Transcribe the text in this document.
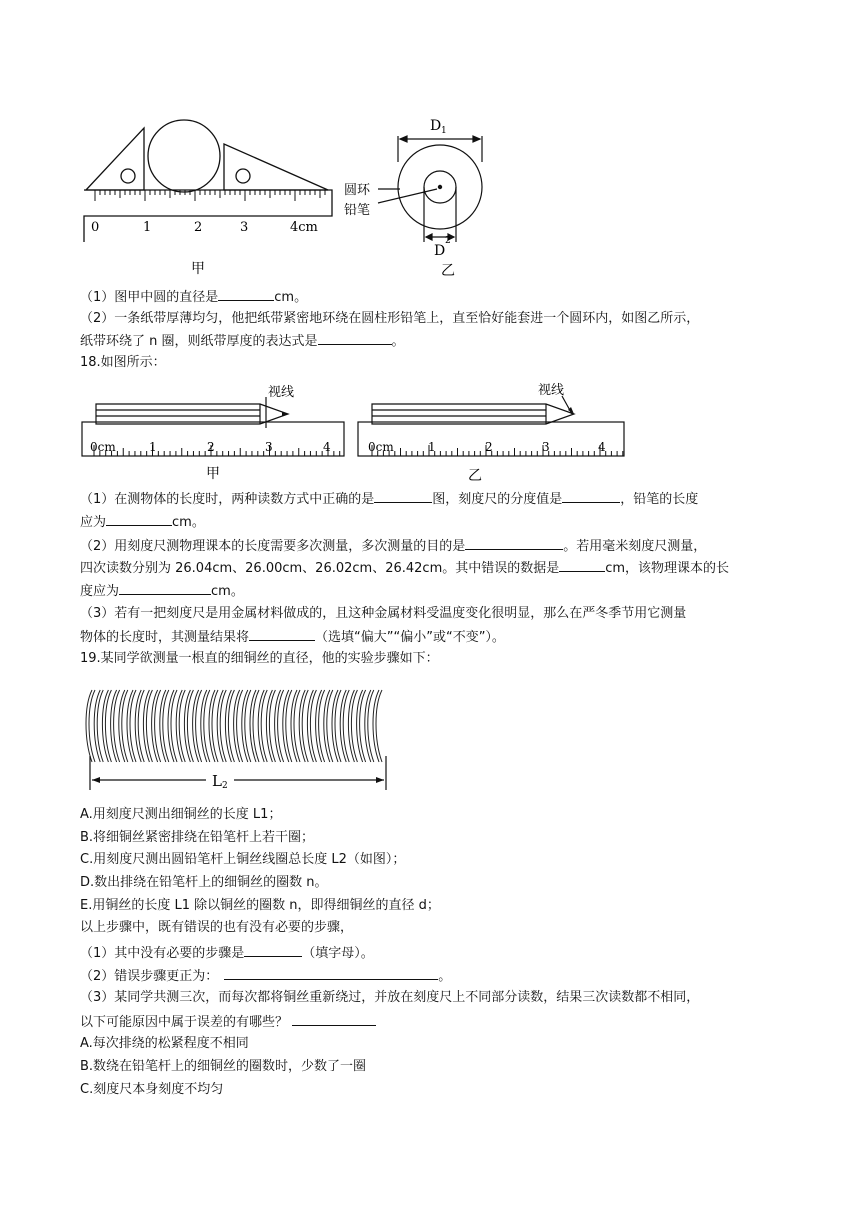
0	1	2	3	4cm
甲
D 1
D
2
圆环
铅笔
乙
（1）图甲中圆的直径是	cm。
（2）一条纸带厚薄均匀，他把纸带紧密地环绕在圆柱形铅笔上，直至恰好能套进一个圆环内，如图乙所示，
纸带环绕了 n 圈，则纸带厚度的表达式是	。
18.如图所示：
视线
0cm	1	2	3	4
甲
视线
0cm	1	2	3	4
乙
（1）在测物体的长度时，两种读数方式中正确的是	图，刻度尺的分度值是	，铅笔的长度
应为	cm。
（2）用刻度尺测物理课本的长度需要多次测量，多次测量的目的是	。若用毫米刻度尺测量，
四次读数分别为 26.04cm、26.00cm、26.02cm、26.42cm。其中错误的数据是	cm，该物理课本的长
度应为	cm。
（3）若有一把刻度尺是用金属材料做成的，且这种金属材料受温度变化很明显，那么在严冬季节用它测量
物体的长度时，其测量结果将	（选填“偏大”“偏小”或“不变”）。
19.某同学欲测量一根直的细铜丝的直径，他的实验步骤如下：
L 2
A.用刻度尺测出细铜丝的长度 L1；
B.将细铜丝紧密排绕在铅笔杆上若干圈；
C.用刻度尺测出圆铅笔杆上铜丝线圈总长度 L2（如图）；
D.数出排绕在铅笔杆上的细铜丝的圈数 n。
E.用铜丝的长度 L1 除以铜丝的圈数 n，即得细铜丝的直径 d；
以上步骤中，既有错误的也有没有必要的步骤，
（1）其中没有必要的步骤是	（填字母）。
（2）错误步骤更正为：	。
（3）某同学共测三次，而每次都将铜丝重新绕过，并放在刻度尺上不同部分读数，结果三次读数都不相同，
以下可能原因中属于误差的有哪些？
A.每次排绕的松紧程度不相同
B.数绕在铅笔杆上的细铜丝的圈数时，少数了一圈
C.刻度尺本身刻度不均匀
